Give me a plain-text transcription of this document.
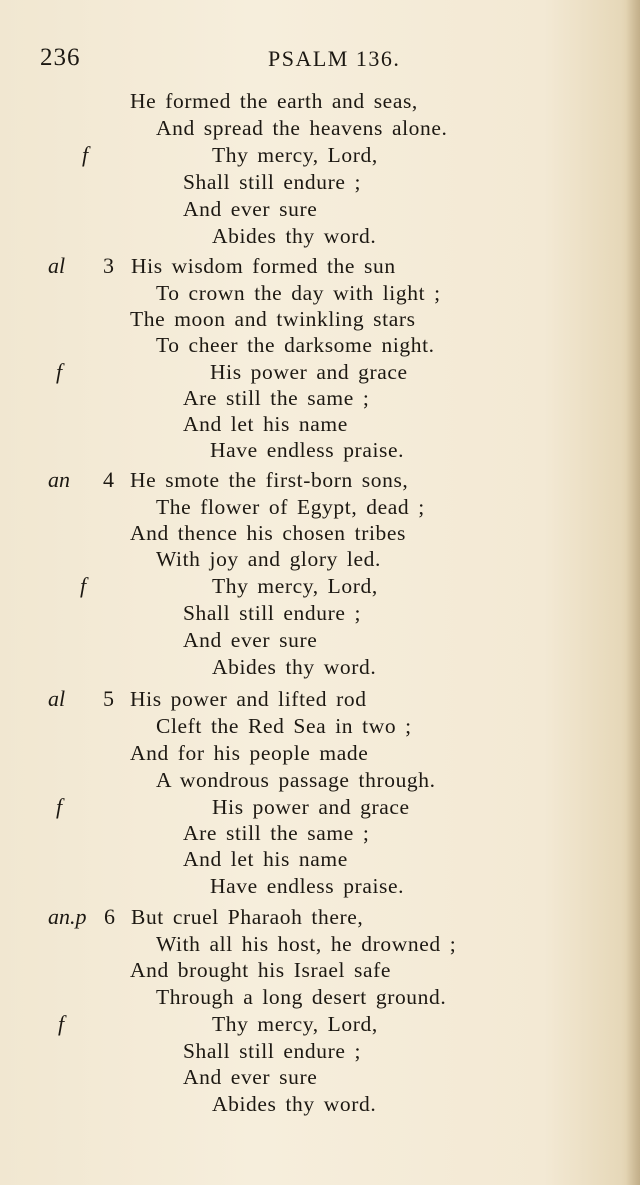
236	PSALM 136.
He formed the earth and seas,
And spread the heavens alone.
f	Thy mercy, Lord,
Shall still endure ;
And ever sure
Abides thy word.
al 3 His wisdom formed the sun
To crown the day with light ;
The moon and twinkling stars
To cheer the darksome night.
f	His power and grace
Are still the same ;
And let his name
Have endless praise.
an 4 He smote the first-born sons,
The flower of Egypt, dead ;
And thence his chosen tribes
With joy and glory led.
f	Thy mercy, Lord,
Shall still endure ;
And ever sure
Abides thy word.
al 5 His power and lifted rod
Cleft the Red Sea in two ;
And for his people made
A wondrous passage through.
f	His power and grace
Are still the same ;
And let his name
Have endless praise.
an.p 6 But cruel Pharaoh there,
With all his host, he drowned ;
And brought his Israel safe
Through a long desert ground.
f	Thy mercy, Lord,
Shall still endure ;
And ever sure
Abides thy word.
